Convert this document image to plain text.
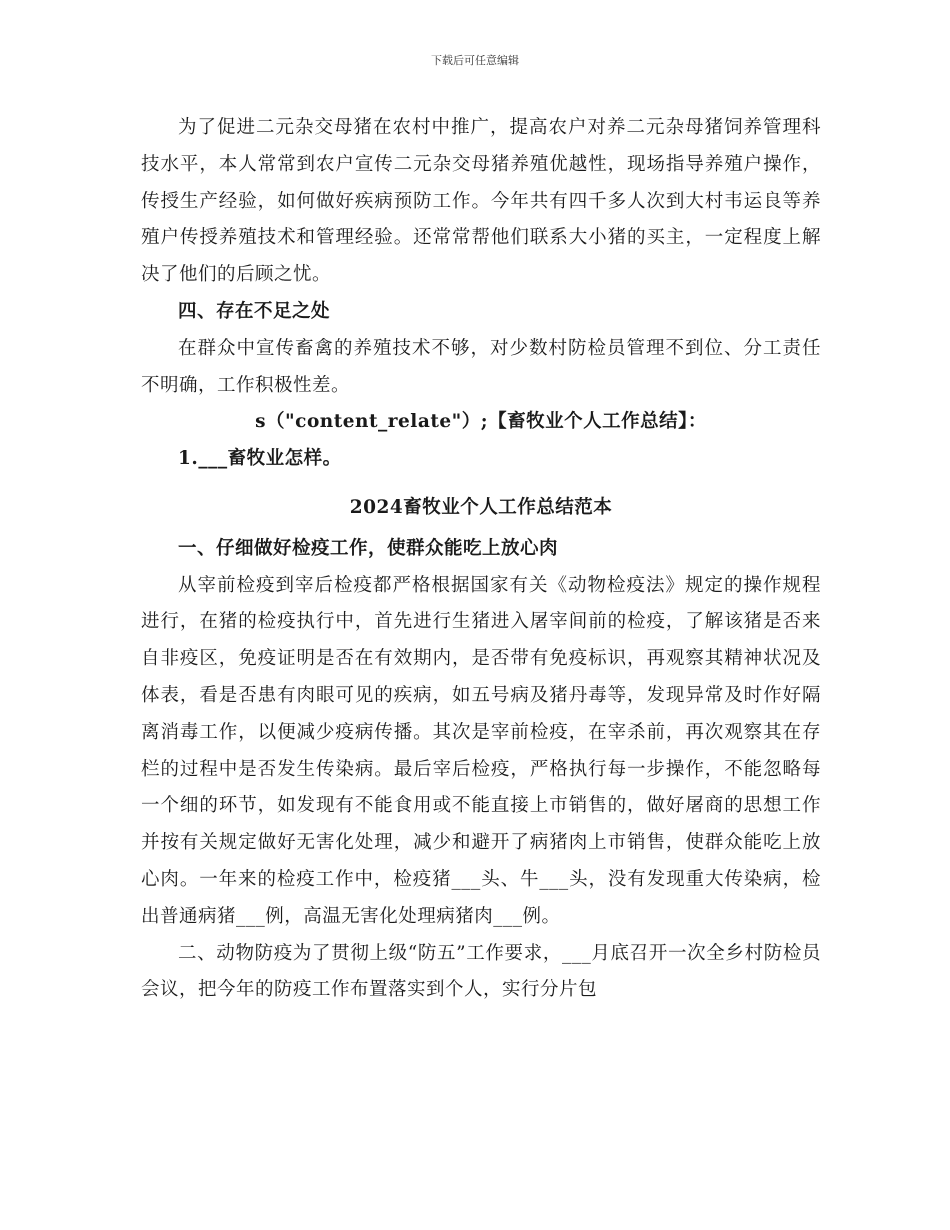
下载后可任意编辑

为了促进二元杂交母猪在农村中推广，提高农户对养二元杂母猪饲养管理科技水平，本人常常到农户宣传二元杂交母猪养殖优越性，现场指导养殖户操作，传授生产经验，如何做好疾病预防工作。今年共有四千多人次到大村韦运良等养殖户传授养殖技术和管理经验。还常常帮他们联系大小猪的买主，一定程度上解决了他们的后顾之忧。

四、存在不足之处

在群众中宣传畜禽的养殖技术不够，对少数村防检员管理不到位、分工责任不明确，工作积极性差。

s（"content_relate"）;【畜牧业个人工作总结】：

1.___畜牧业怎样。

2024畜牧业个人工作总结范本

一、仔细做好检疫工作，使群众能吃上放心肉

从宰前检疫到宰后检疫都严格根据国家有关《动物检疫法》规定的操作规程进行，在猪的检疫执行中，首先进行生猪进入屠宰间前的检疫，了解该猪是否来自非疫区，免疫证明是否在有效期内，是否带有免疫标识，再观察其精神状况及体表，看是否患有肉眼可见的疾病，如五号病及猪丹毒等，发现异常及时作好隔离消毒工作，以便减少疫病传播。其次是宰前检疫，在宰杀前，再次观察其在存栏的过程中是否发生传染病。最后宰后检疫，严格执行每一步操作，不能忽略每一个细的环节，如发现有不能食用或不能直接上市销售的，做好屠商的思想工作并按有关规定做好无害化处理，减少和避开了病猪肉上市销售，使群众能吃上放心肉。一年来的检疫工作中，检疫猪___头、牛___头，没有发现重大传染病，检出普通病猪___例，高温无害化处理病猪肉___例。

二、动物防疫为了贯彻上级“防五”工作要求，___月底召开一次全乡村防检员会议，把今年的防疫工作布置落实到个人，实行分片包
